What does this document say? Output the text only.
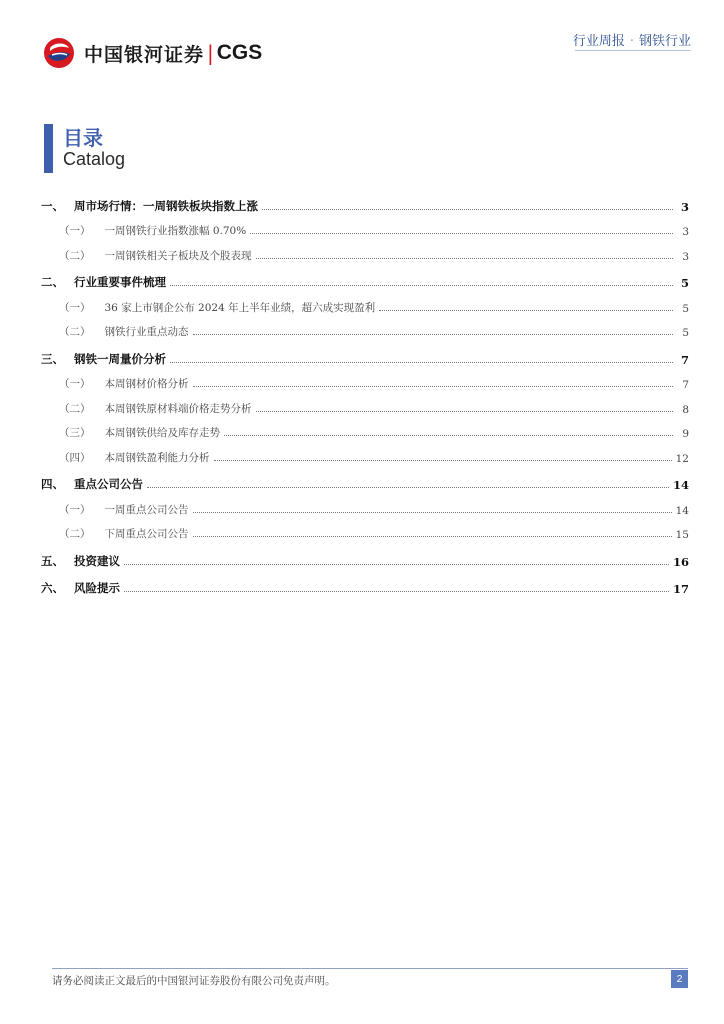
中国银河证券 | CGS	行业周报 · 钢铁行业
目录
Catalog
一、 周市场行情：一周钢铁板块指数上涨	3
（一） 一周钢铁行业指数涨幅 0.70%	3
（二） 一周钢铁相关子板块及个股表现	3
二、 行业重要事件梳理	5
（一） 36 家上市钢企公布 2024 年上半年业绩，超六成实现盈利	5
（二） 钢铁行业重点动态	5
三、 钢铁一周量价分析	7
（一） 本周钢材价格分析	7
（二） 本周钢铁原材料端价格走势分析	8
（三） 本周钢铁供给及库存走势	9
（四） 本周钢铁盈利能力分析	12
四、 重点公司公告	14
（一） 一周重点公司公告	14
（二） 下周重点公司公告	15
五、 投资建议	16
六、 风险提示	17
请务必阅读正文最后的中国银河证券股份有限公司免责声明。	2
